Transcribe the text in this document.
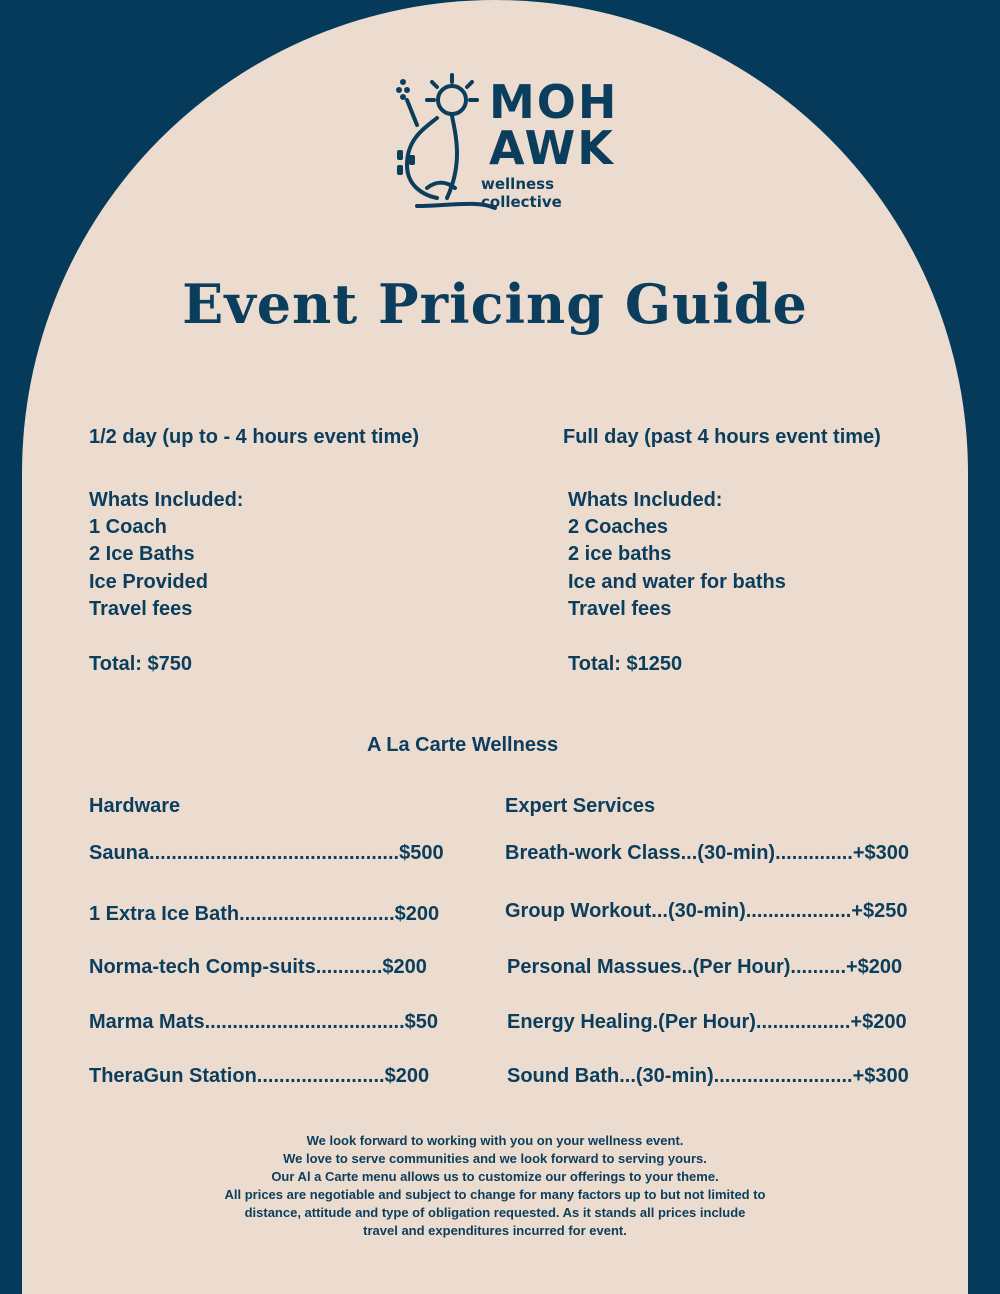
MOH
AWK
wellness collective
Event Pricing Guide
1/2 day (up to - 4 hours event time)
Whats Included:
1 Coach
2 Ice Baths
Ice Provided
Travel fees
Total: $750
Full day (past 4 hours event time)
Whats Included:
2 Coaches
2 ice baths
Ice and water for baths
Travel fees
Total: $1250
A La Carte Wellness
Hardware
Sauna.............................................$500
1 Extra Ice Bath............................$200
Norma-tech Comp-suits............$200
Marma Mats....................................$50
TheraGun Station.......................$200
Expert Services
Breath-work Class...(30-min)..............+$300
Group Workout...(30-min)...................+$250
Personal Massues..(Per Hour)..........+$200
Energy Healing.(Per Hour).................+$200
Sound Bath...(30-min).........................+$300
We look forward to working with you on your wellness event.
We love to serve communities and we look forward to serving yours.
Our Al a Carte menu allows us to customize our offerings to your theme.
All prices are negotiable and subject to change for many factors up to but not limited to
distance, attitude and type of obligation requested. As it stands all prices include
travel and expenditures incurred for event.
